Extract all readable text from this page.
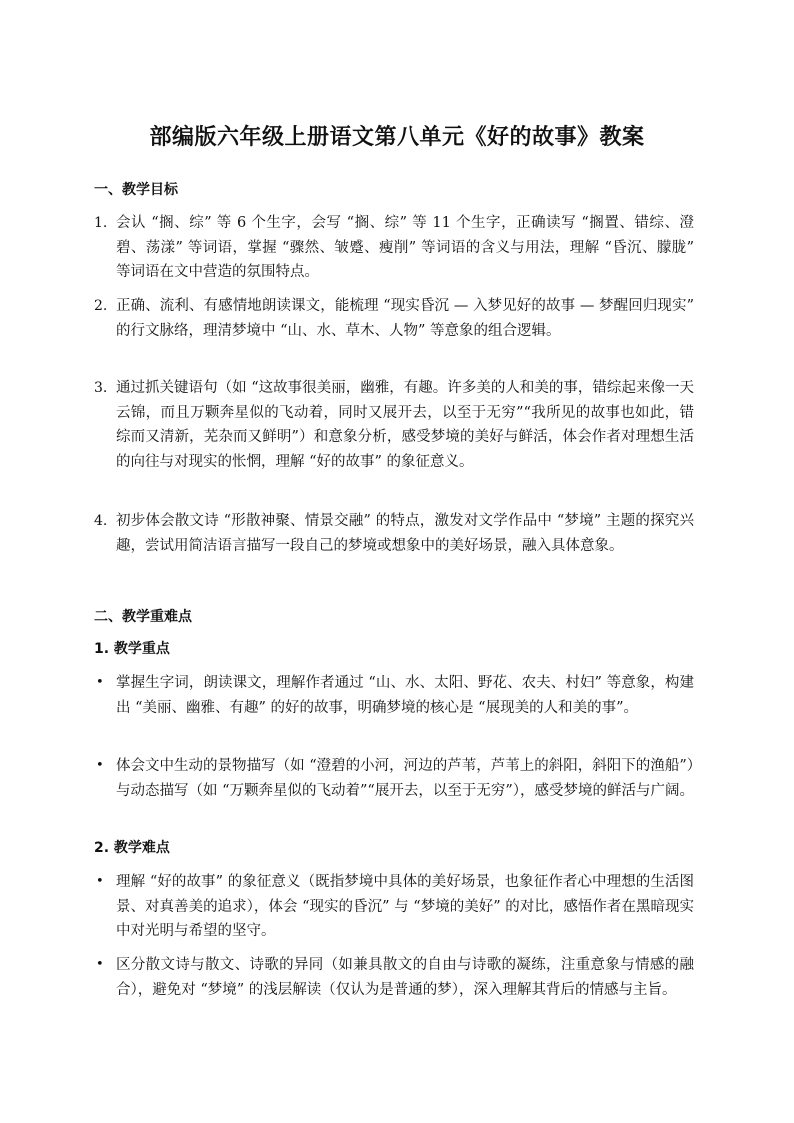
部编版六年级上册语文第八单元《好的故事》教案
一、教学目标
1. 会认 “搁、综” 等 6 个生字，会写 “搁、综” 等 11 个生字，正确读写 “搁置、错综、澄碧、荡漾” 等词语，掌握 “骤然、皱蹙、瘦削” 等词语的含义与用法，理解 “昏沉、朦胧” 等词语在文中营造的氛围特点。
2. 正确、流利、有感情地朗读课文，能梳理 “现实昏沉 — 入梦见好的故事 — 梦醒回归现实” 的行文脉络，理清梦境中 “山、水、草木、人物” 等意象的组合逻辑。
3. 通过抓关键语句（如 “这故事很美丽，幽雅，有趣。许多美的人和美的事，错综起来像一天云锦，而且万颗奔星似的飞动着，同时又展开去，以至于无穷”“我所见的故事也如此，错综而又清新，芜杂而又鲜明”）和意象分析，感受梦境的美好与鲜活，体会作者对理想生活的向往与对现实的怅惘，理解 “好的故事” 的象征意义。
4. 初步体会散文诗 “形散神聚、情景交融” 的特点，激发对文学作品中 “梦境” 主题的探究兴趣，尝试用简洁语言描写一段自己的梦境或想象中的美好场景，融入具体意象。
二、教学重难点
1. 教学重点
• 掌握生字词，朗读课文，理解作者通过 “山、水、太阳、野花、农夫、村妇” 等意象，构建出 “美丽、幽雅、有趣” 的好的故事，明确梦境的核心是 “展现美的人和美的事”。
• 体会文中生动的景物描写（如 “澄碧的小河，河边的芦苇，芦苇上的斜阳，斜阳下的渔船”）与动态描写（如 “万颗奔星似的飞动着”“展开去，以至于无穷”），感受梦境的鲜活与广阔。
2. 教学难点
• 理解 “好的故事” 的象征意义（既指梦境中具体的美好场景，也象征作者心中理想的生活图景、对真善美的追求），体会 “现实的昏沉” 与 “梦境的美好” 的对比，感悟作者在黑暗现实中对光明与希望的坚守。
• 区分散文诗与散文、诗歌的异同（如兼具散文的自由与诗歌的凝练，注重意象与情感的融合），避免对 “梦境” 的浅层解读（仅认为是普通的梦），深入理解其背后的情感与主旨。
